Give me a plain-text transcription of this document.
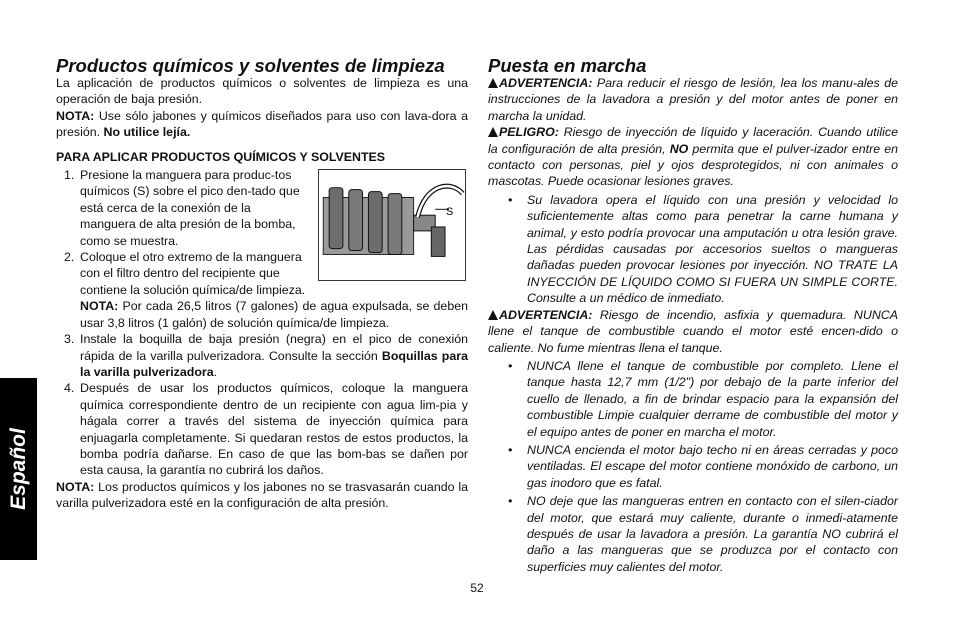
Español
Productos químicos y solventes de limpieza

La aplicación de productos químicos o solventes de limpieza es una operación de baja presión.

NOTA: Use sólo jabones y químicos diseñados para uso con lava-dora a presión. No utilice lejía.

PARA APLICAR PRODUCTOS QUÍMICOS Y SOLVENTES

1.
S
Presione la manguera para produc-tos químicos (S) sobre el pico den-tado que está cerca de la conexión de la manguera de alta presión de la bomba, como se muestra.
2. Coloque el otro extremo de la manguera con el filtro dentro del recipiente que contiene la solución química/de limpieza.

NOTA: Por cada 26,5 litros (7 galones) de agua expulsada, se deben usar 3,8 litros (1 galón) de solución química/de limpieza.

3. Instale la boquilla de baja presión (negra) en el pico de conexión rápida de la varilla pulverizadora. Consulte la sección Boquillas para la varilla pulverizadora.
4. Después de usar los productos químicos, coloque la manguera química correspondiente dentro de un recipiente con agua lim-pia y hágala correr a través del sistema de inyección química para enjuagarla completamente. Si quedaran restos de estos productos, la bomba podría dañarse. En caso de que las bom-bas se dañen por esta causa, la garantía no cubrirá los daños.

NOTA: Los productos químicos y los jabones no se trasvasarán cuando la varilla pulverizadora esté en la configuración de alta presión.

Puesta en marcha

ADVERTENCIA: Para reducir el riesgo de lesión, lea los manu-ales de instrucciones de la lavadora a presión y del motor antes de poner en marcha la unidad.

PELIGRO: Riesgo de inyección de líquido y laceración. Cuando utilice la configuración de alta presión, NO permita que el pulver-izador entre en contacto con personas, piel y ojos desprotegidos, ni con animales o mascotas. Puede ocasionar lesiones graves.

• Su lavadora opera el líquido con una presión y velocidad lo suficientemente altas como para penetrar la carne humana y animal, y esto podría provocar una amputación u otra lesión grave. Las pérdidas causadas por accesorios sueltos o mangueras dañadas pueden provocar lesiones por inyección. NO TRATE LA INYECCIÓN DE LÍQUIDO COMO SI FUERA UN SIMPLE CORTE. Consulte a un médico de inmediato.

ADVERTENCIA: Riesgo de incendio, asfixia y quemadura. NUNCA llene el tanque de combustible cuando el motor esté encen-dido o caliente. No fume mientras llena el tanque.

• NUNCA llene el tanque de combustible por completo. Llene el tanque hasta 12,7 mm (1/2") por debajo de la parte inferior del cuello de llenado, a fin de brindar espacio para la expansión del combustible Limpie cualquier derrame de combustible del motor y el equipo antes de poner en marcha el motor.
• NUNCA encienda el motor bajo techo ni en áreas cerradas y poco ventiladas. El escape del motor contiene monóxido de carbono, un gas inodoro que es fatal.
• NO deje que las mangueras entren en contacto con el silen-ciador del motor, que estará muy caliente, durante o inmedi-atamente después de usar la lavadora a presión. La garantía NO cubrirá el daño a las mangueras que se produzca por el contacto con superficies muy calientes del motor.
52
